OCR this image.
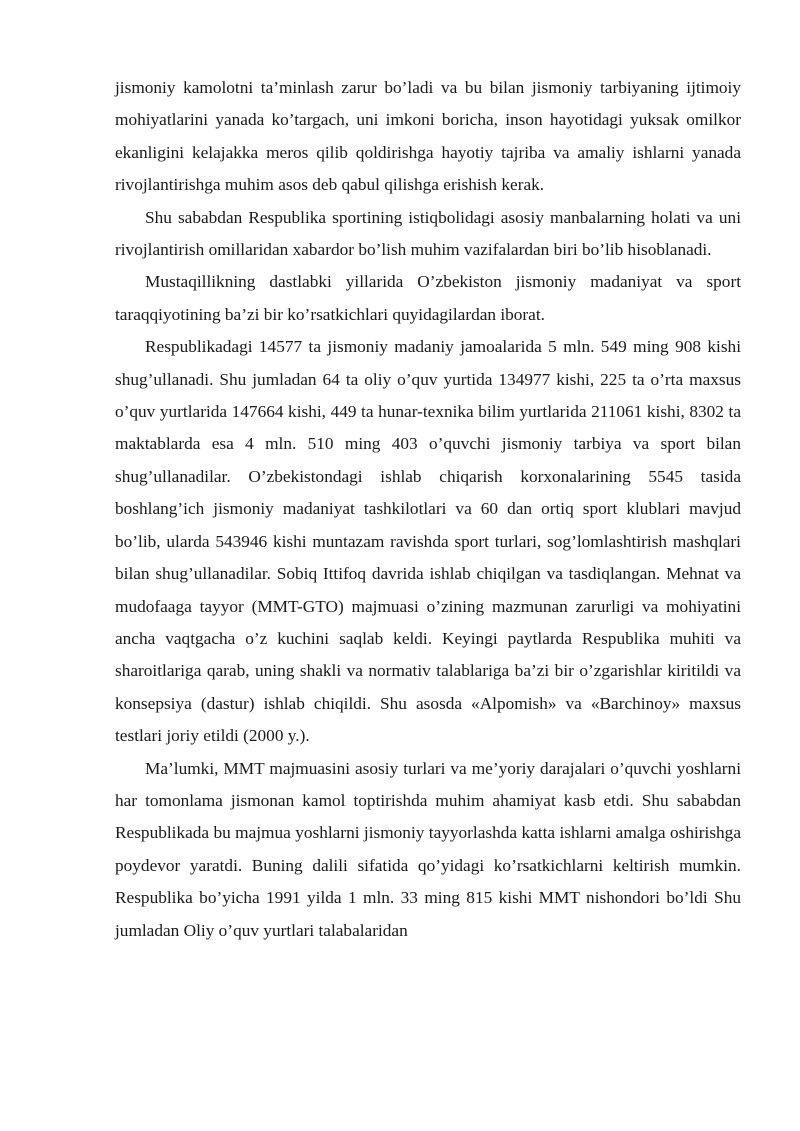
jismoniy kamolotni ta’minlash zarur bo’ladi va bu bilan jismoniy tarbiyaning ijtimoiy mohiyatlarini yanada ko’targach, uni imkoni boricha, inson hayotidagi yuksak omilkor ekanligini kelajakka meros qilib qoldirishga hayotiy tajriba va amaliy ishlarni yanada rivojlantirishga muhim asos deb qabul qilishga erishish kerak.

Shu sababdan Respublika sportining istiqbolidagi asosiy manbalarning holati va uni rivojlantirish omillaridan xabardor bo’lish muhim vazifalardan biri bo’lib hisoblanadi.

Mustaqillikning dastlabki yillarida O’zbekiston jismoniy madaniyat va sport taraqqiyotining ba’zi bir ko’rsatkichlari quyidagilardan iborat.

Respublikadagi 14577 ta jismoniy madaniy jamoalarida 5 mln. 549 ming 908 kishi shug’ullanadi. Shu jumladan 64 ta oliy o’quv yurtida 134977 kishi, 225 ta o’rta maxsus o’quv yurtlarida 147664 kishi, 449 ta hunar-texnika bilim yurtlarida 211061 kishi, 8302 ta maktablarda esa 4 mln. 510 ming 403 o’quvchi jismoniy tarbiya va sport bilan shug’ullanadilar. O’zbekistondagi ishlab chiqarish korxonalarining 5545 tasida boshlang’ich jismoniy madaniyat tashkilotlari va 60 dan ortiq sport klublari mavjud bo’lib, ularda 543946 kishi muntazam ravishda sport turlari, sog’lomlashtirish mashqlari bilan shug’ullanadilar. Sobiq Ittifoq davrida ishlab chiqilgan va tasdiqlangan. Mehnat va mudofaaga tayyor (MMT-GTO) majmuasi o’zining mazmunan zarurligi va mohiyatini ancha vaqtgacha o’z kuchini saqlab keldi. Keyingi paytlarda Respublika muhiti va sharoitlariga qarab, uning shakli va normativ talablariga ba’zi bir o’zgarishlar kiritildi va konsepsiya (dastur) ishlab chiqildi. Shu asosda «Alpomish» va «Barchinoy» maxsus testlari joriy etildi (2000 y.).

Ma’lumki, MMT majmuasini asosiy turlari va me’yoriy darajalari o’quvchi yoshlarni har tomonlama jismonan kamol toptirishda muhim ahamiyat kasb etdi. Shu sababdan Respublikada bu majmua yoshlarni jismoniy tayyorlashda katta ishlarni amalga oshirishga poydevor yaratdi. Buning dalili sifatida qo’yidagi ko’rsatkichlarni keltirish mumkin. Respublika bo’yicha 1991 yilda 1 mln. 33 ming 815 kishi MMT nishondori bo’ldi Shu jumladan Oliy o’quv yurtlari talabalaridan
